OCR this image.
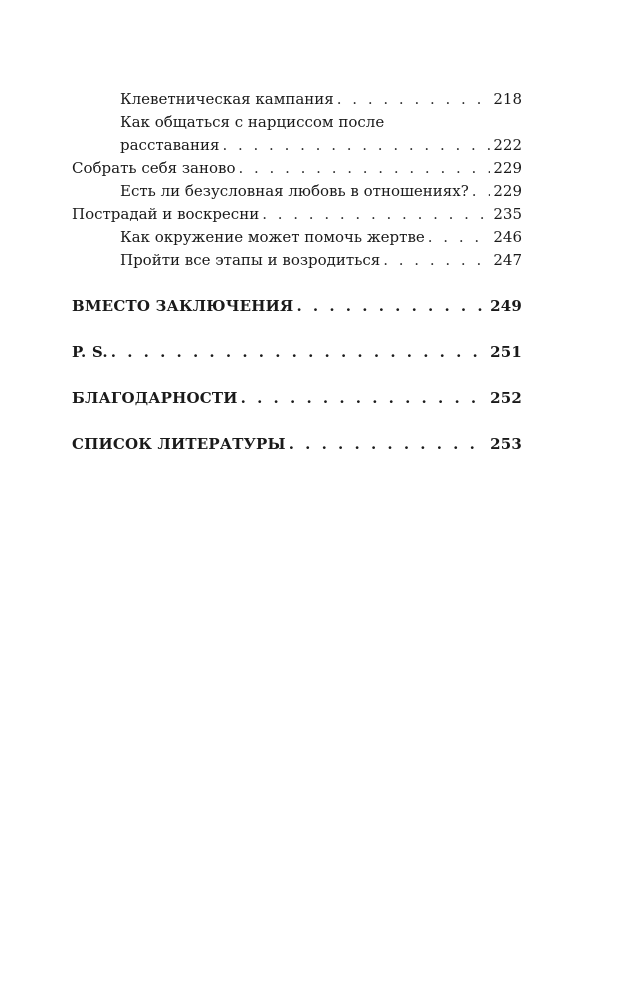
Клеветническая кампания . . .	218
Как общаться с нарциссом после
расставания . . .	222
Собрать себя заново . . .	229
Есть ли безусловная любовь в отношениях? . . . 229
Пострадай и воскресни . . .	235
Как окружение может помочь жертве . . .	246
Пройти все этапы и возродиться . . .	247
ВМЕСТО ЗАКЛЮЧЕНИЯ . . .	249
P. S. . . .	251
БЛАГОДАРНОСТИ . . .	252
СПИСОК ЛИТЕРАТУРЫ . . .	253
